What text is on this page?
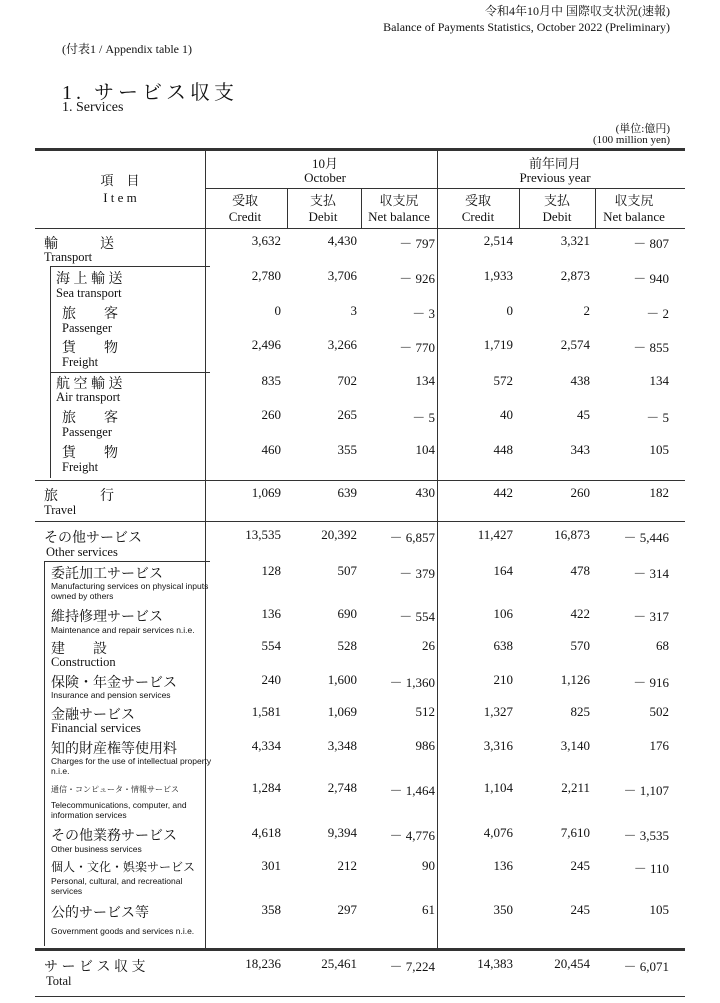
令和4年10月中 国際収支状況(速報)
Balance of Payments Statistics, October 2022 (Preliminary)
(付表1 / Appendix table 1)
1. サービス収支
1. Services
(単位:億円)
(100 million yen)
項　目
I t e m
10月
October
前年同月
Previous year
受取
Credit
支払
Debit
収支尻
Net balance
受取
Credit
支払
Debit
収支尻
Net balance
輸　　　送
Transport
3,632	4,430	－ 797	2,514	3,321	－ 807
海 上 輸 送
Sea transport
2,780	3,706	－ 926	1,933	2,873	－ 940
旅　　客
Passenger
0	3	－ 3	0	2	－ 2
貨　　物
Freight
2,496	3,266	－ 770	1,719	2,574	－ 855
航 空 輸 送
Air transport
835	702	134	572	438	134
旅　　客
Passenger
260	265	－ 5	40	45	－ 5
貨　　物
Freight
460	355	104	448	343	105
旅　　　行
Travel
1,069	639	430	442	260	182
その他サービス
Other services
13,535	20,392	－ 6,857	11,427	16,873	－ 5,446
委託加工サービス
Manufacturing services on physical inputs
owned by others
128	507	－ 379	164	478	－ 314
維持修理サービス
Maintenance and repair services n.i.e.
136	690	－ 554	106	422	－ 317
建　　設
Construction
554	528	26	638	570	68
保険・年金サービス
Insurance and pension services
240	1,600	－ 1,360	210	1,126	－ 916
金融サービス
Financial services
1,581	1,069	512	1,327	825	502
知的財産権等使用料
Charges for the use of intellectual property
n.i.e.
4,334	3,348	986	3,316	3,140	176
通信・コンピュータ・情報サービス
Telecommunications, computer, and
information services
1,284	2,748	－ 1,464	1,104	2,211	－ 1,107
その他業務サービス
Other business services
4,618	9,394	－ 4,776	4,076	7,610	－ 3,535
個人・文化・娯楽サービス
Personal, cultural, and recreational
services
301	212	90	136	245	－ 110
公的サービス等
Government goods and services n.i.e.
358	297	61	350	245	105
サ ー ビ ス 収 支
Total
18,236	25,461	－ 7,224	14,383	20,454	－ 6,071
